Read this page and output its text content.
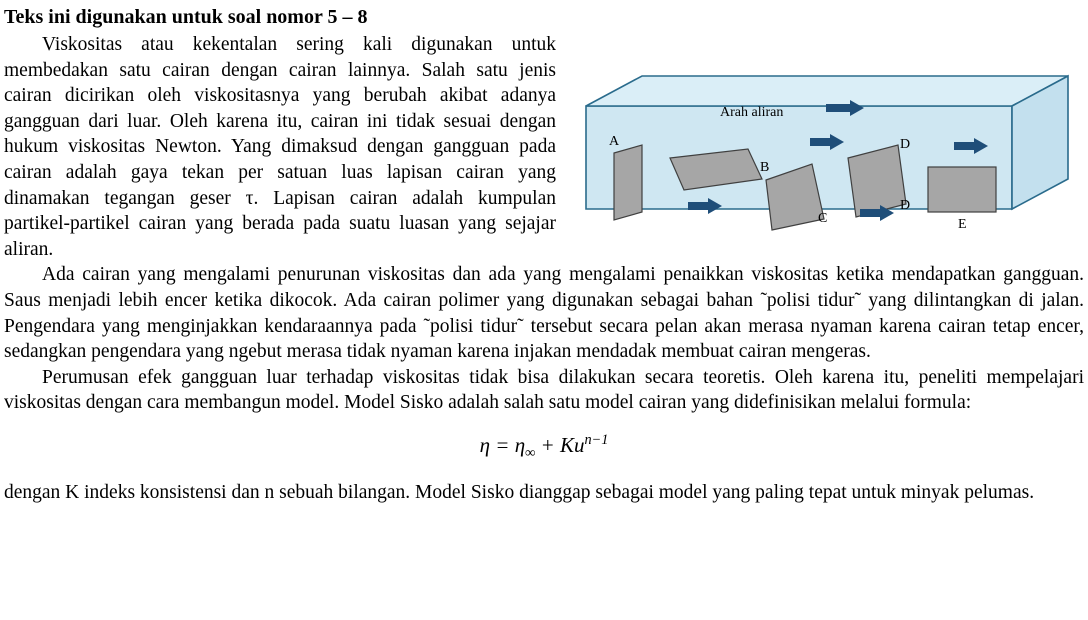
Teks ini digunakan untuk soal nomor 5 – 8

Viskositas atau kekentalan sering kali digunakan untuk membedakan satu cairan dengan cairan lainnya. Salah satu jenis cairan dicirikan oleh viskositasnya yang berubah akibat adanya gangguan dari luar. Oleh karena itu, cairan ini tidak sesuai dengan hukum viskositas Newton. Yang dimaksud dengan gangguan pada cairan adalah gaya tekan per satuan luas lapisan cairan yang dinamakan tegangan geser τ. Lapisan cairan adalah kumpulan partikel-partikel cairan yang berada pada suatu luasan yang sejajar aliran.

Arah aliran
A
B
C
D
D
E

Ada cairan yang mengalami penurunan viskositas dan ada yang mengalami penaikkan viskositas ketika mendapatkan gangguan. Saus menjadi lebih encer ketika dikocok. Ada cairan polimer yang digunakan sebagai bahan ˜polisi tidur˜ yang dilintangkan di jalan. Pengendara yang menginjakkan kendaraannya pada ˜polisi tidur˜ tersebut secara pelan akan merasa nyaman karena cairan tetap encer, sedangkan pengendara yang ngebut merasa tidak nyaman karena injakan mendadak membuat cairan mengeras.

Perumusan efek gangguan luar terhadap viskositas tidak bisa dilakukan secara teoretis. Oleh karena itu, peneliti mempelajari viskositas dengan cara membangun model. Model Sisko adalah salah satu model cairan yang didefinisikan melalui formula:

$\eta = \eta_\infty + Ku^{n-1}$

dengan K indeks konsistensi dan n sebuah bilangan. Model Sisko dianggap sebagai model yang paling tepat untuk minyak pelumas.
